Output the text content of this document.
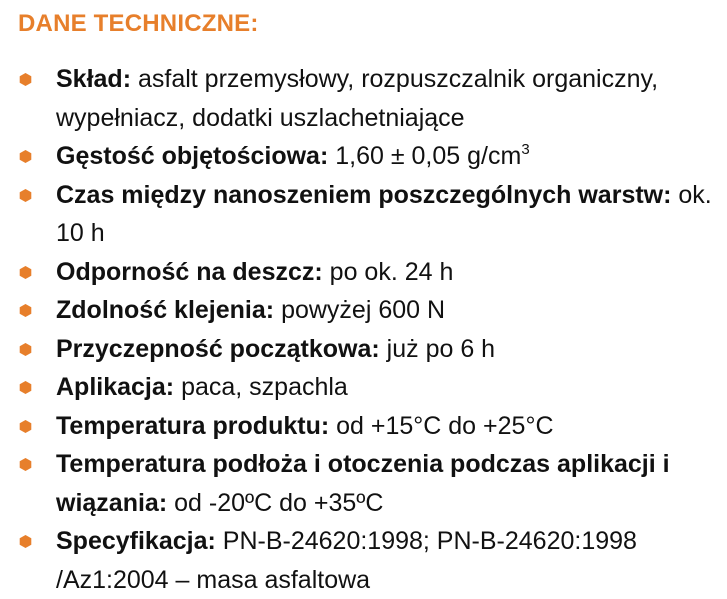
DANE TECHNICZNE:
Skład: asfalt przemysłowy, rozpuszczalnik organiczny, wypełniacz, dodatki uszlachetniające
Gęstość objętościowa: 1,60 ± 0,05 $g/cm^3$
Czas między nanoszeniem poszczególnych warstw: ok. 10 h
Odporność na deszcz: po ok. 24 h
Zdolność klejenia: powyżej 600 N
Przyczepność początkowa: już po 6 h
Aplikacja: paca, szpachla
Temperatura produktu: od +15°C do +25°C
Temperatura podłoża i otoczenia podczas aplikacji i wiązania: od -20ºC do +35ºC
Specyfikacja: PN-B-24620:1998; PN-B-24620:1998 /Az1:2004 – masa asfaltowa
